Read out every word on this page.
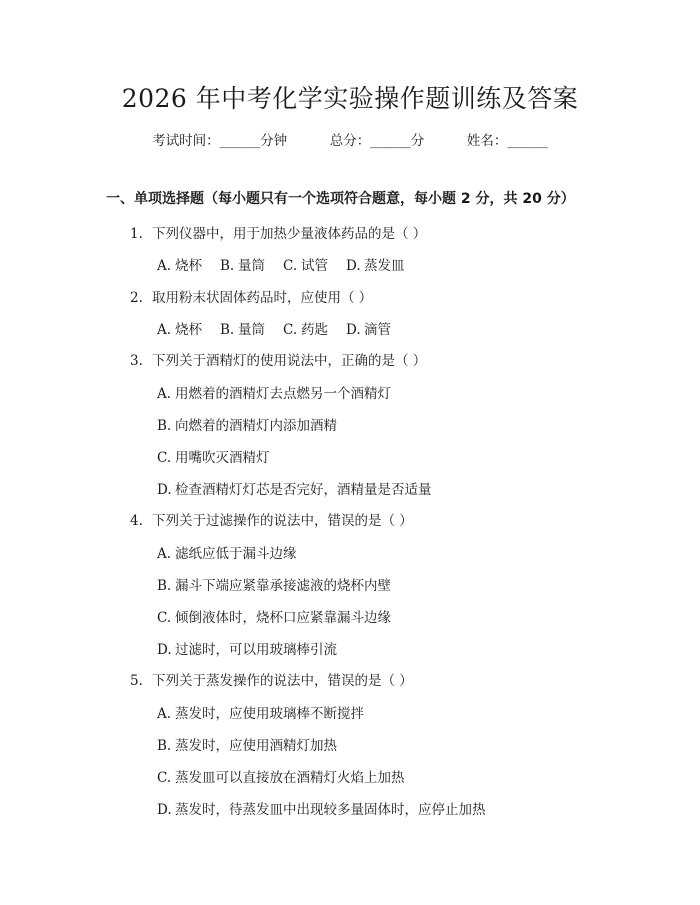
2026 年中考化学实验操作题训练及答案
考试时间：______分钟	总分：______分	姓名：______
一、单项选择题（每小题只有一个选项符合题意，每小题 2 分，共 20 分）
1. 下列仪器中，用于加热少量液体药品的是（ ）
A. 烧杯 B. 量筒 C. 试管 D. 蒸发皿
2. 取用粉末状固体药品时，应使用（ ）
A. 烧杯 B. 量筒 C. 药匙 D. 滴管
3. 下列关于酒精灯的使用说法中，正确的是（ ）
A. 用燃着的酒精灯去点燃另一个酒精灯
B. 向燃着的酒精灯内添加酒精
C. 用嘴吹灭酒精灯
D. 检查酒精灯灯芯是否完好，酒精量是否适量
4. 下列关于过滤操作的说法中，错误的是（ ）
A. 滤纸应低于漏斗边缘
B. 漏斗下端应紧靠承接滤液的烧杯内壁
C. 倾倒液体时，烧杯口应紧靠漏斗边缘
D. 过滤时，可以用玻璃棒引流
5. 下列关于蒸发操作的说法中，错误的是（ ）
A. 蒸发时，应使用玻璃棒不断搅拌
B. 蒸发时，应使用酒精灯加热
C. 蒸发皿可以直接放在酒精灯火焰上加热
D. 蒸发时，待蒸发皿中出现较多量固体时，应停止加热
